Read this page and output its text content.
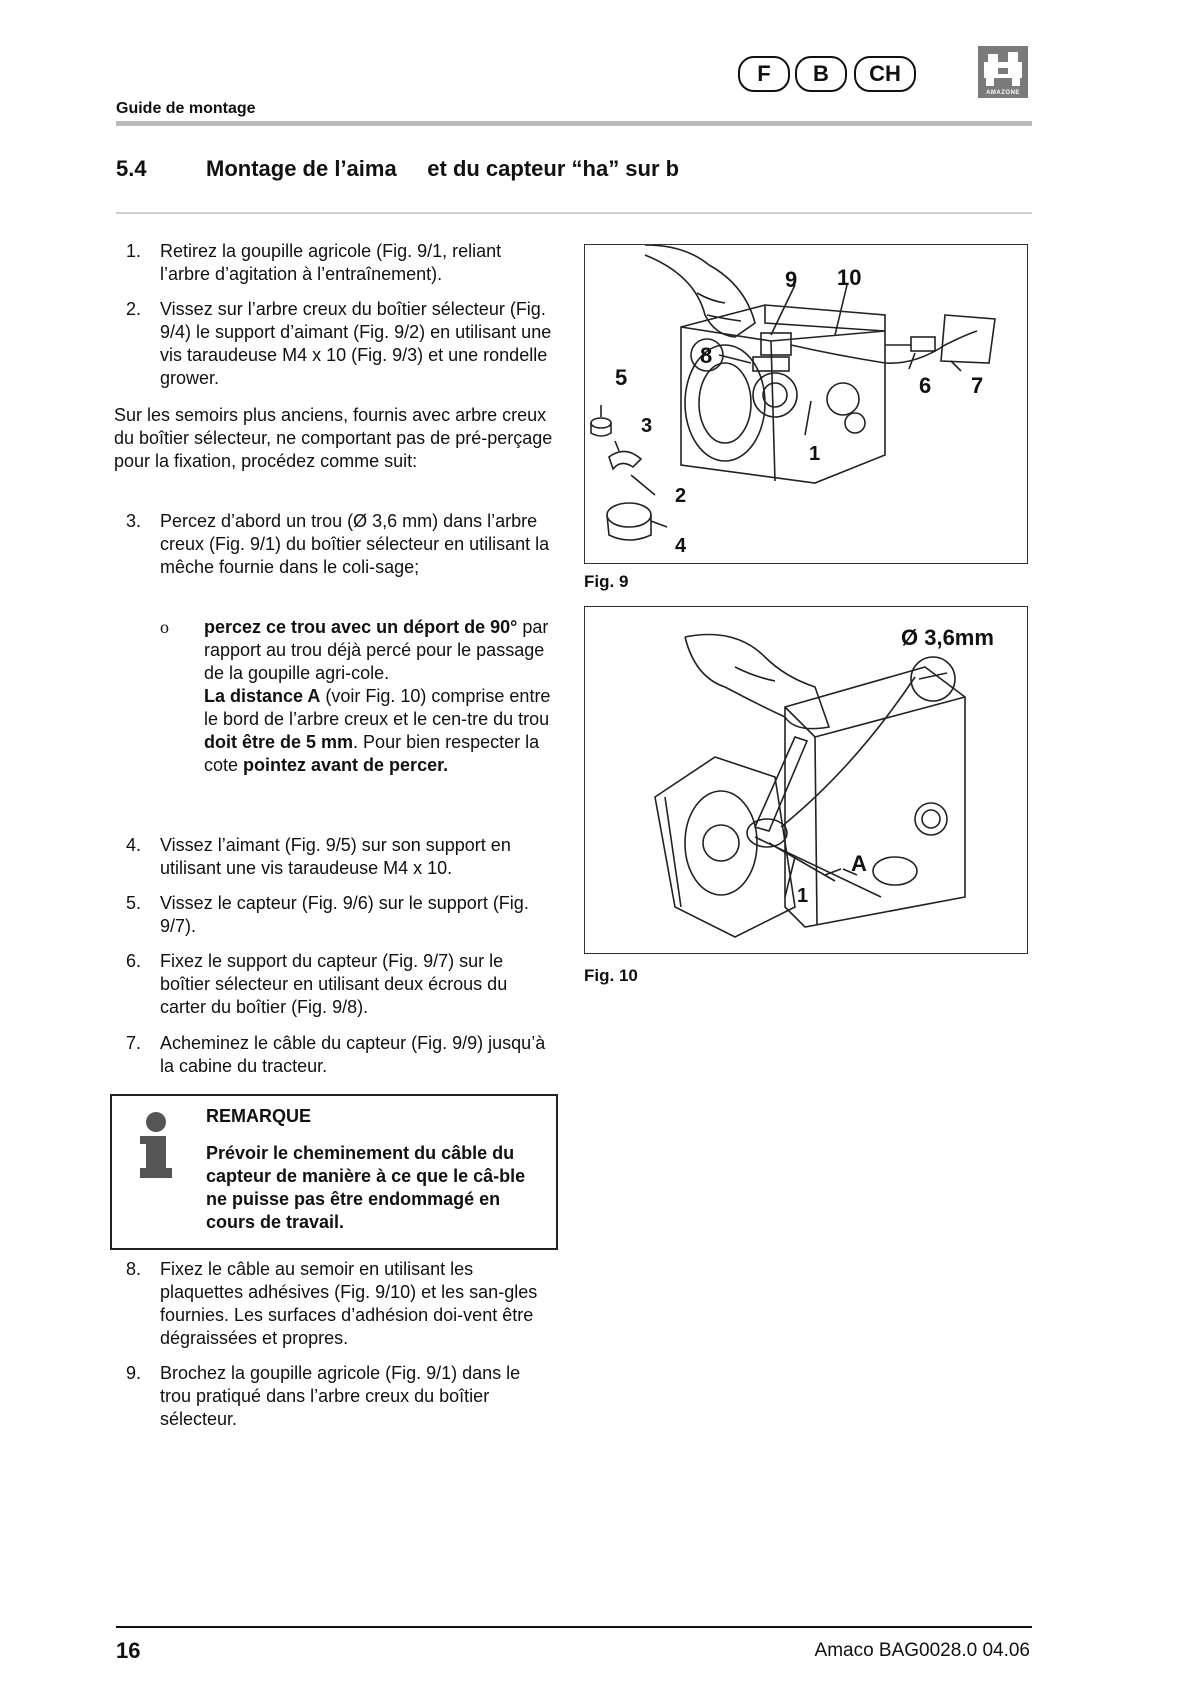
F B CH
AMAZONE
Guide de montage
5.4	Montage de l’aima     et du capteur “ha” sur b
1.	Retirez la goupille agricole (Fig. 9/1, reliant l’arbre d’agitation à l’entraînement).
2.	Vissez sur l’arbre creux du boîtier sélecteur (Fig. 9/4) le support d’aimant (Fig. 9/2) en utilisant une vis taraudeuse M4 x 10 (Fig. 9/3) et une rondelle grower.
Sur les semoirs plus anciens, fournis avec arbre creux du boîtier sélecteur, ne comportant pas de pré-perçage pour la fixation, procédez comme suit:
3.	Percez d’abord un trou (Ø 3,6 mm) dans l’arbre creux (Fig. 9/1) du boîtier sélecteur en utilisant la mêche fournie dans le coli-sage;
o	percez ce trou avec un déport de 90° par rapport au trou déjà percé pour le passage de la goupille agri-cole.
La distance A (voir Fig. 10) comprise entre le bord de l’arbre creux et le cen-tre du trou doit être de 5 mm. Pour bien respecter la cote pointez avant de percer.
4.	Vissez l’aimant (Fig. 9/5) sur son support en utilisant une vis taraudeuse M4 x 10.
5.	Vissez le capteur (Fig. 9/6) sur le support (Fig. 9/7).
6.	Fixez le support du capteur (Fig. 9/7) sur le boîtier sélecteur en utilisant deux écrous du carter du boîtier (Fig. 9/8).
7.	Acheminez le câble du capteur (Fig. 9/9) jusqu’à la cabine du tracteur.
REMARQUE
Prévoir le cheminement du câble du capteur de manière à ce que le câ-ble ne puisse pas être endommagé en cours de travail.
8.	Fixez le câble au semoir en utilisant les plaquettes adhésives (Fig. 9/10) et les san-gles fournies. Les surfaces d’adhésion doi-vent être dégraissées et propres.
9.	Brochez la goupille agricole (Fig. 9/1) dans le trou pratiqué dans l’arbre creux du boîtier sélecteur.
9 10
8
5
3
6 7
1
2
4
Fig. 9
Ø 3,6mm
A
1
Fig. 10
16	Amaco BAG0028.0 04.06
